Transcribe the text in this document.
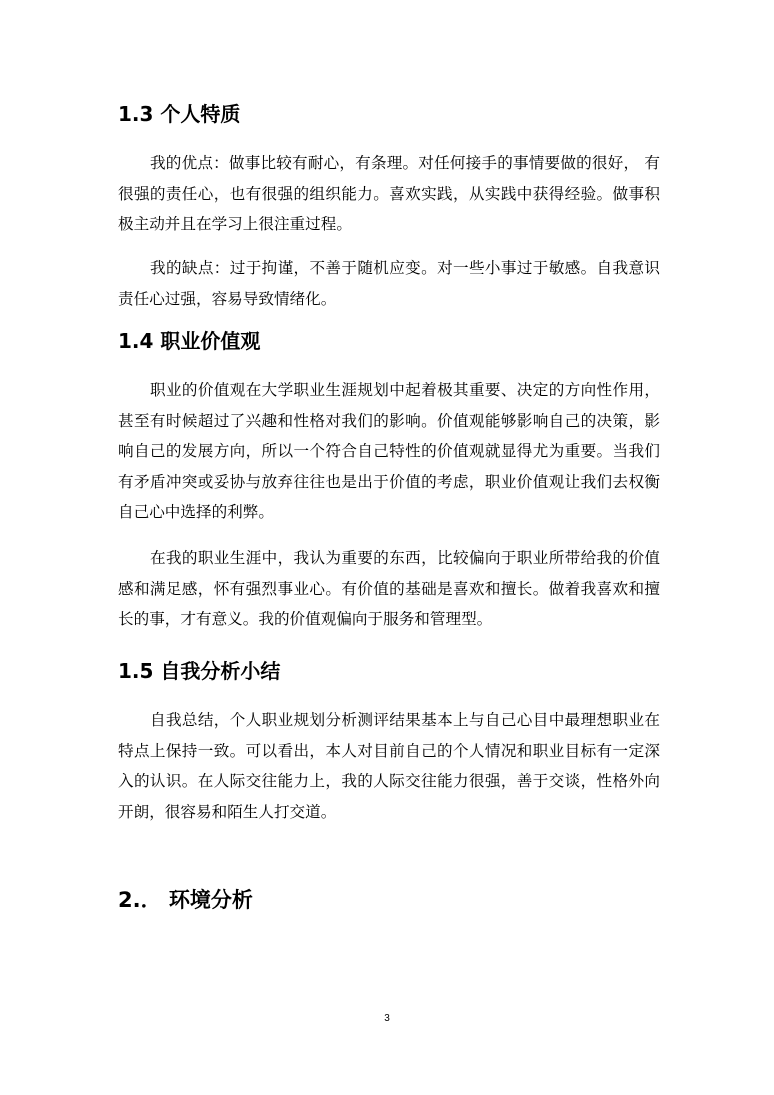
1.3 个人特质

我的优点：做事比较有耐心，有条理。对任何接手的事情要做的很好， 有很强的责任心，也有很强的组织能力。喜欢实践，从实践中获得经验。做事积极主动并且在学习上很注重过程。

我的缺点：过于拘谨，不善于随机应变。对一些小事过于敏感。自我意识责任心过强，容易导致情绪化。

1.4 职业价值观

职业的价值观在大学职业生涯规划中起着极其重要、决定的方向性作用，甚至有时候超过了兴趣和性格对我们的影响。价值观能够影响自己的决策，影响自己的发展方向，所以一个符合自己特性的价值观就显得尤为重要。当我们有矛盾冲突或妥协与放弃往往也是出于价值的考虑，职业价值观让我们去权衡自己心中选择的利弊。

在我的职业生涯中，我认为重要的东西，比较偏向于职业所带给我的价值感和满足感，怀有强烈事业心。有价值的基础是喜欢和擅长。做着我喜欢和擅长的事，才有意义。我的价值观偏向于服务和管理型。

1.5 自我分析小结

自我总结，个人职业规划分析测评结果基本上与自己心目中最理想职业在特点上保持一致。可以看出，本人对目前自己的个人情况和职业目标有一定深入的认识。在人际交往能力上，我的人际交往能力很强，善于交谈，性格外向开朗，很容易和陌生人打交道。

2.． 环境分析
3
